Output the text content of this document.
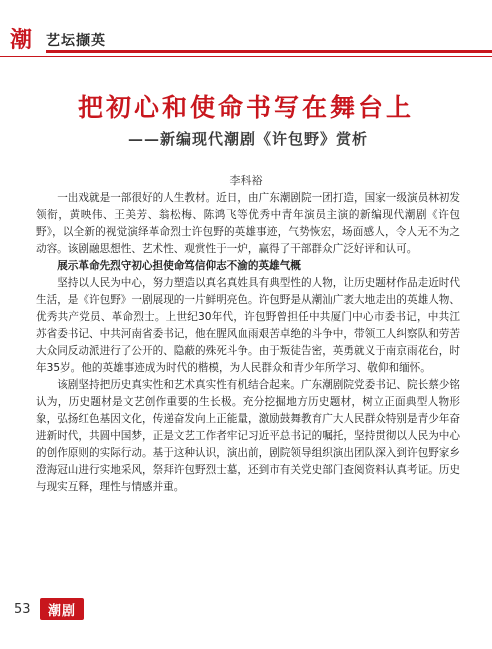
潮 艺坛撷英
把初心和使命书写在舞台上
——新编现代潮剧《许包野》赏析
李科裕

一出戏就是一部很好的人生教材。近日，由广东潮剧院一团打造，国家一级演员林初发领衔，黄映伟、王美芳、翁松梅、陈鸿飞等优秀中青年演员主演的新编现代潮剧《许包野》，以全新的视觉演绎革命烈士许包野的英雄事迹，气势恢宏，场面感人，令人无不为之动容。该剧融思想性、艺术性、观赏性于一炉，赢得了干部群众广泛好评和认可。

展示革命先烈守初心担使命笃信仰志不渝的英雄气概

坚持以人民为中心，努力塑造以真名真姓具有典型性的人物，让历史题材作品走近时代生活，是《许包野》一剧展现的一片鲜明亮色。许包野是从潮汕广袤大地走出的英雄人物、优秀共产党员、革命烈士。上世纪30年代，许包野曾担任中共厦门中心市委书记，中共江苏省委书记、中共河南省委书记，他在腥风血雨艰苦卓绝的斗争中，带领工人纠察队和劳苦大众同反动派进行了公开的、隐蔽的殊死斗争。由于叛徒告密，英勇就义于南京雨花台，时年35岁。他的英雄事迹成为时代的楷模，为人民群众和青少年所学习、敬仰和缅怀。

该剧坚持把历史真实性和艺术真实性有机结合起来。广东潮剧院党委书记、院长蔡少铭认为，历史题材是文艺创作重要的生长极。充分挖掘地方历史题材，树立正面典型人物形象，弘扬红色基因文化，传递奋发向上正能量，激励鼓舞教育广大人民群众特别是青少年奋进新时代，共圆中国梦，正是文艺工作者牢记习近平总书记的嘱托，坚持贯彻以人民为中心的创作原则的实际行动。基于这种认识，演出前，剧院领导组织演出团队深入到许包野家乡澄海冠山进行实地采风，祭拜许包野烈士墓，还到市有关党史部门查阅资料认真考证。历史与现实互释，理性与情感并重。

53 潮剧
